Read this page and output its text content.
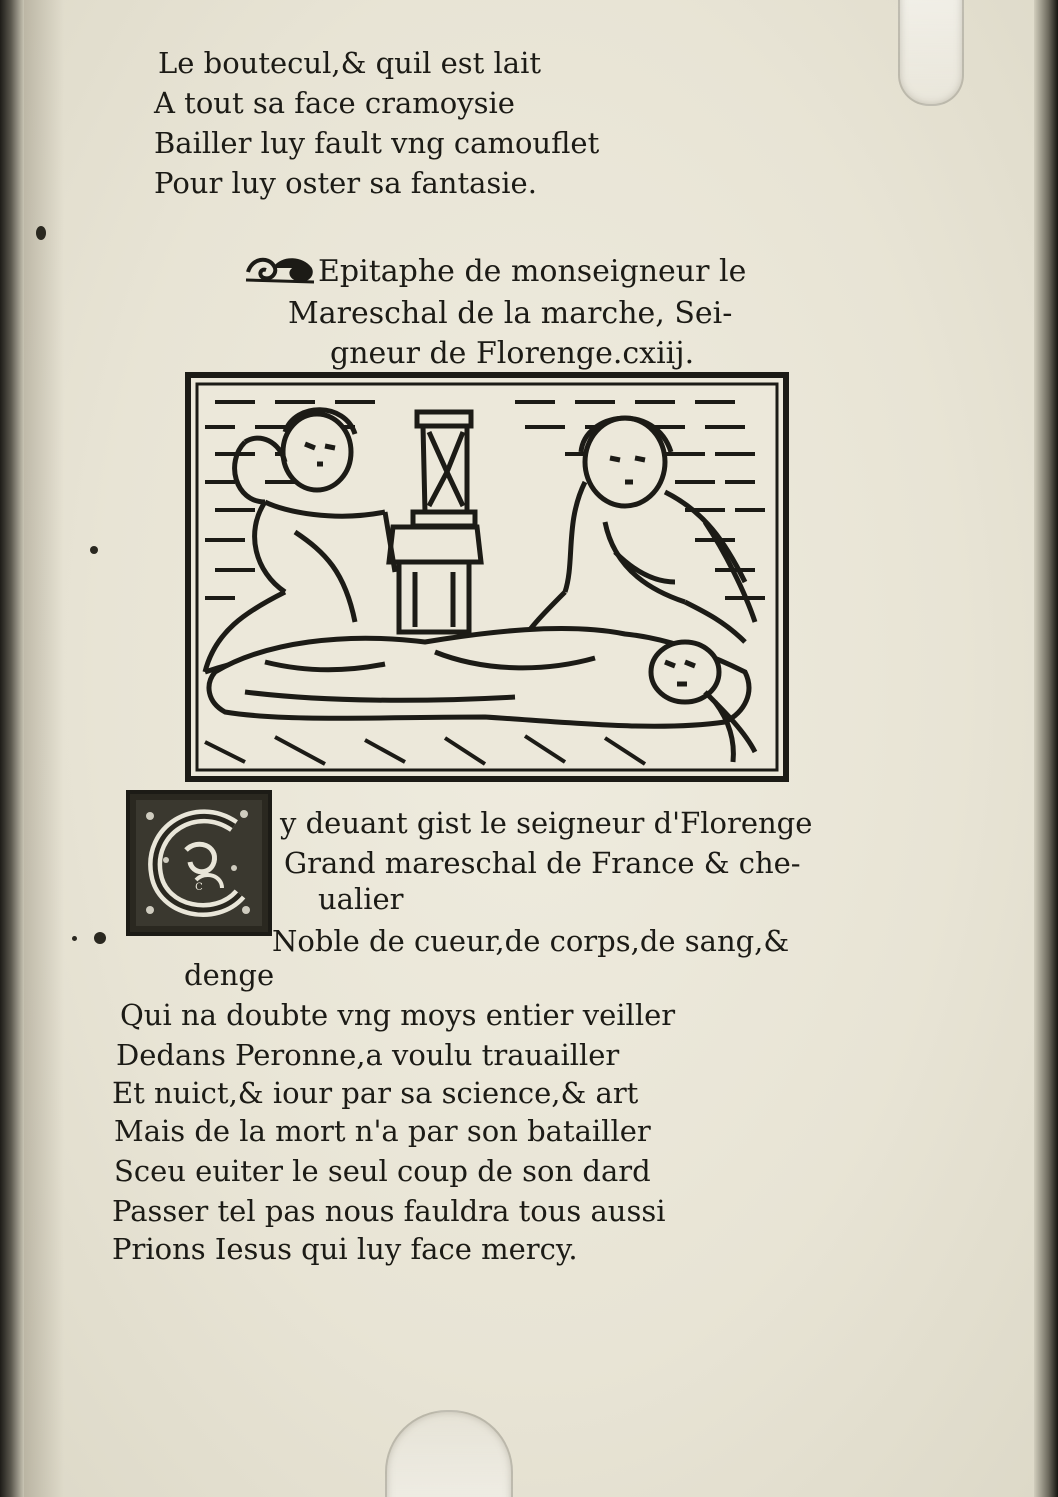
Le boutecul,& quil est lait
A tout sa face cramoysie
Bailler luy fault vng camouflet
Pour luy oster sa fantasie.
Epitaphe de monseigneur le
Mareschal de la marche, Sei-
gneur de Florenge.cxiij.
C
y deuant gist le seigneur d'Florenge
Grand mareschal de France & che-
ualier
Noble de cueur,de corps,de sang,&
denge
Qui na doubte vng moys entier veiller
Dedans Peronne,a voulu trauailler
Et nuict,& iour par sa science,& art
Mais de la mort n'a par son batailler
Sceu euiter le seul coup de son dard
Passer tel pas nous fauldra tous aussi
Prions Iesus qui luy face mercy.
